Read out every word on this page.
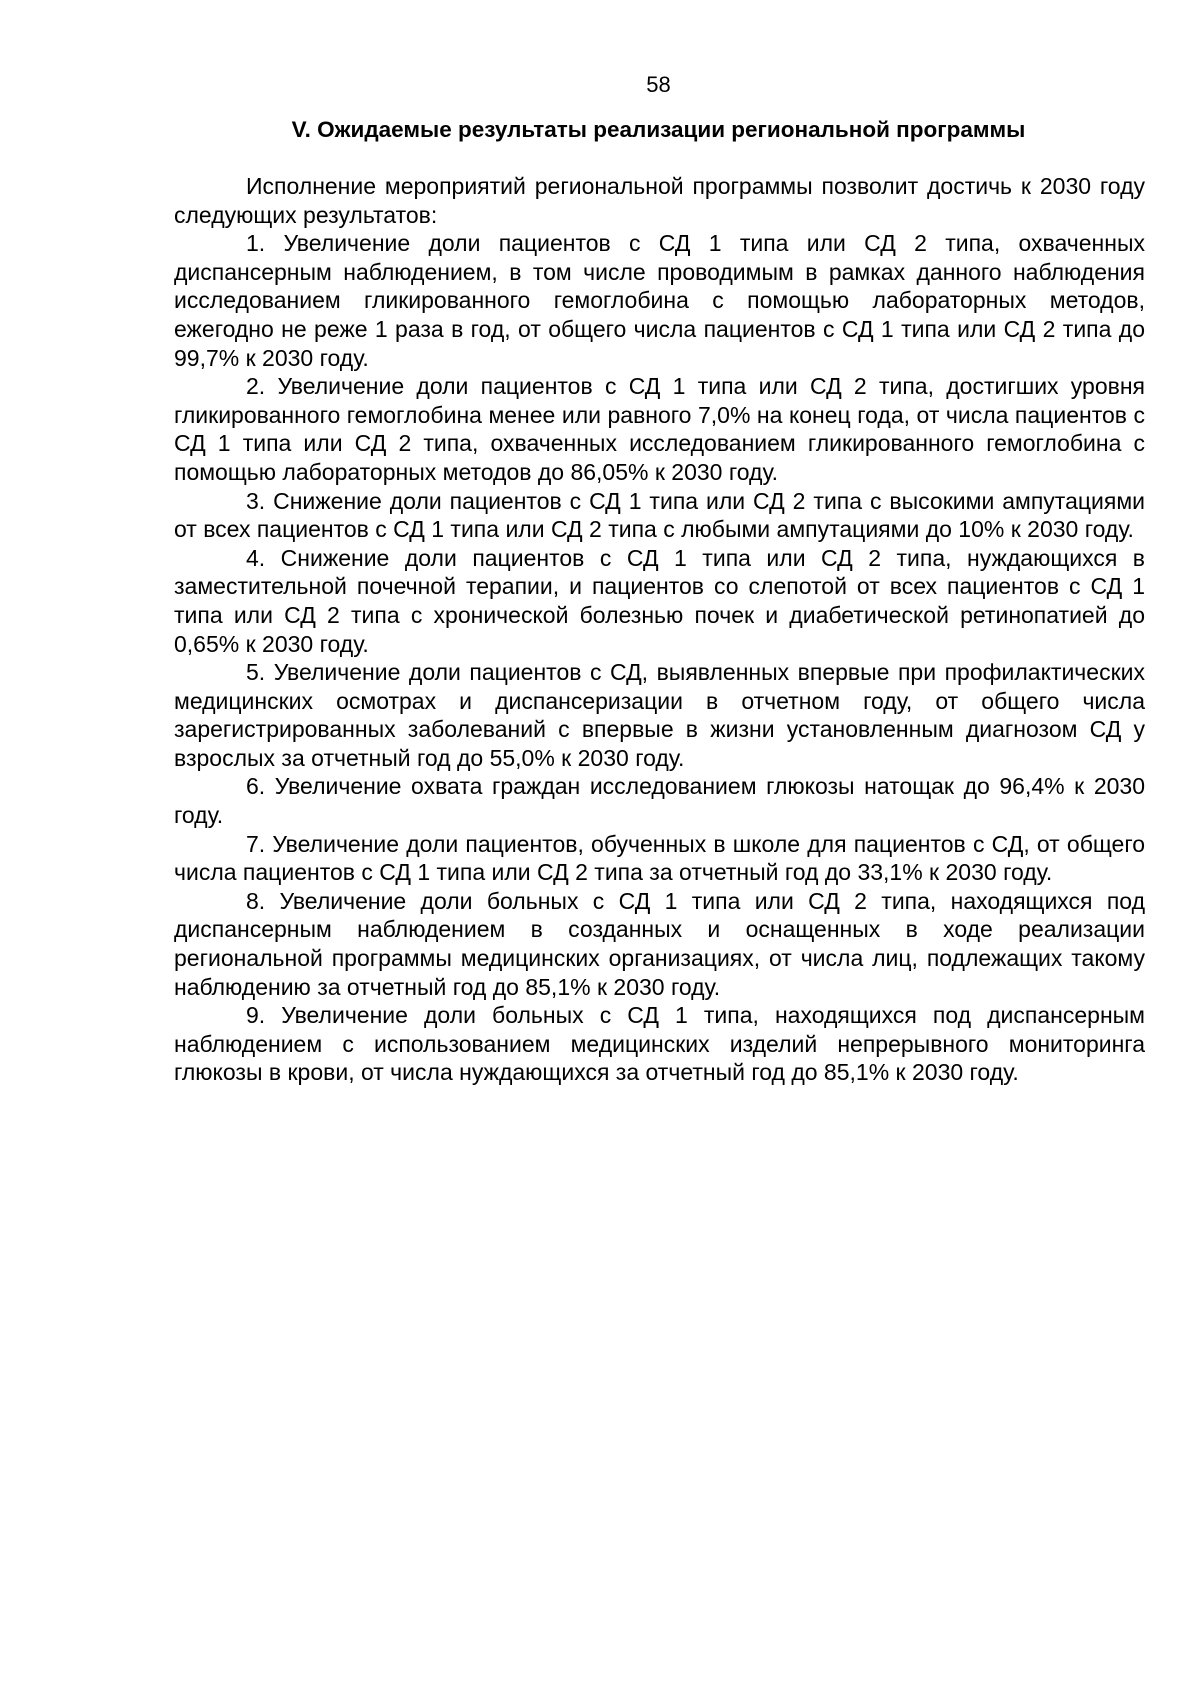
58
V. Ожидаемые результаты реализации региональной программы

Исполнение мероприятий региональной программы позволит достичь к 2030 году следующих результатов:

1. Увеличение доли пациентов с СД 1 типа или СД 2 типа, охваченных диспансерным наблюдением, в том числе проводимым в рамках данного наблюдения исследованием гликированного гемоглобина с помощью лабораторных методов, ежегодно не реже 1 раза в год, от общего числа пациентов с СД 1 типа или СД 2 типа до 99,7% к 2030 году.

2. Увеличение доли пациентов с СД 1 типа или СД 2 типа, достигших уровня гликированного гемоглобина менее или равного 7,0% на конец года, от числа пациентов с СД 1 типа или СД 2 типа, охваченных исследованием гликированного гемоглобина с помощью лабораторных методов до 86,05% к 2030 году.

3. Снижение доли пациентов с СД 1 типа или СД 2 типа с высокими ампутациями от всех пациентов с СД 1 типа или СД 2 типа с любыми ампутациями до 10% к 2030 году.

4. Снижение доли пациентов с СД 1 типа или СД 2 типа, нуждающихся в заместительной почечной терапии, и пациентов со слепотой от всех пациентов с СД 1 типа или СД 2 типа с хронической болезнью почек и диабетической ретинопатией до 0,65% к 2030 году.

5. Увеличение доли пациентов с СД, выявленных впервые при профилактических медицинских осмотрах и диспансеризации в отчетном году, от общего числа зарегистрированных заболеваний с впервые в жизни установленным диагнозом СД у взрослых за отчетный год до 55,0% к 2030 году.

6. Увеличение охвата граждан исследованием глюкозы натощак до 96,4% к 2030 году.

7. Увеличение доли пациентов, обученных в школе для пациентов с СД, от общего числа пациентов с СД 1 типа или СД 2 типа за отчетный год до 33,1% к 2030 году.

8. Увеличение доли больных с СД 1 типа или СД 2 типа, находящихся под диспансерным наблюдением в созданных и оснащенных в ходе реализации региональной программы медицинских организациях, от числа лиц, подлежащих такому наблюдению за отчетный год до 85,1% к 2030 году.

9. Увеличение доли больных с СД 1 типа, находящихся под диспансерным наблюдением с использованием медицинских изделий непрерывного мониторинга глюкозы в крови, от числа нуждающихся за отчетный год до 85,1% к 2030 году.
